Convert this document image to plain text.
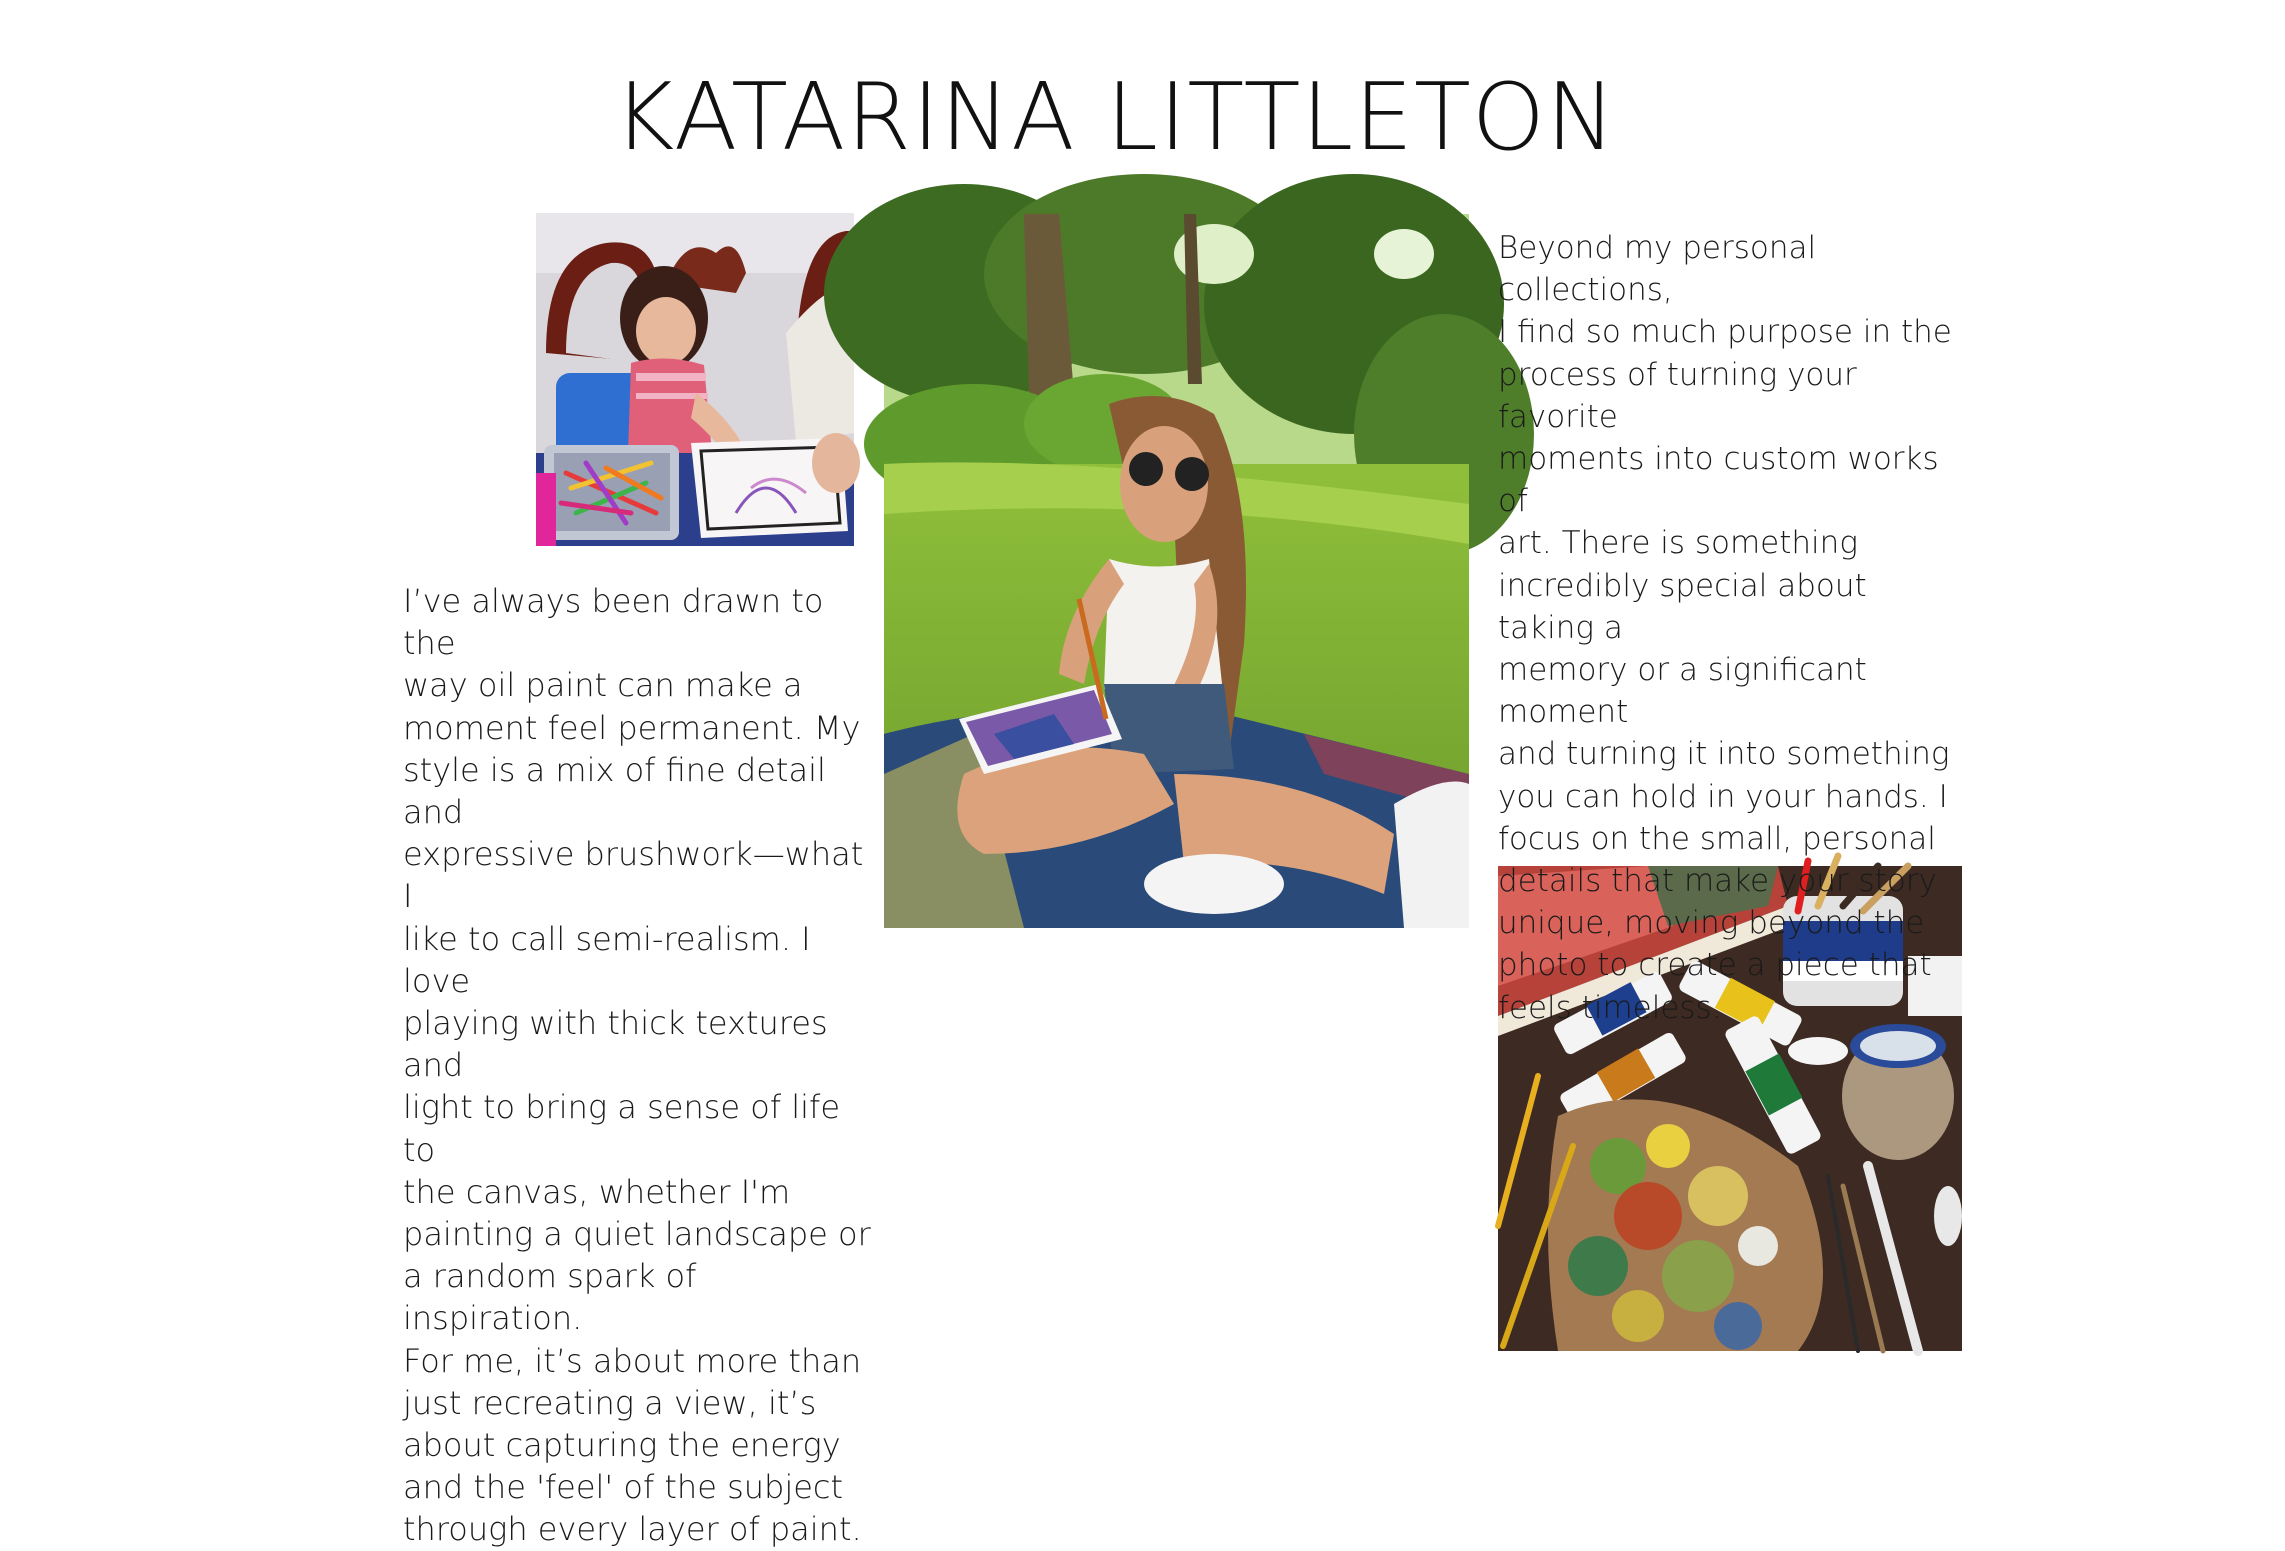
KATARINA LITTLETON

I’ve always been drawn to the
way oil paint can make a
moment feel permanent. My
style is a mix of fine detail and
expressive brushwork—what I
like to call semi-realism. I love
playing with thick textures and
light to bring a sense of life to
the canvas, whether I'm
painting a quiet landscape or
a random spark of inspiration.
For me, it’s about more than
just recreating a view, it’s
about capturing the energy
and the 'feel' of the subject
through every layer of paint.

Beyond my personal collections,
I find so much purpose in the
process of turning your favorite
moments into custom works of
art. There is something
incredibly special about taking a
memory or a significant moment
and turning it into something
you can hold in your hands. I
focus on the small, personal
details that make your story
unique, moving beyond the
photo to create a piece that
feels timeless.
